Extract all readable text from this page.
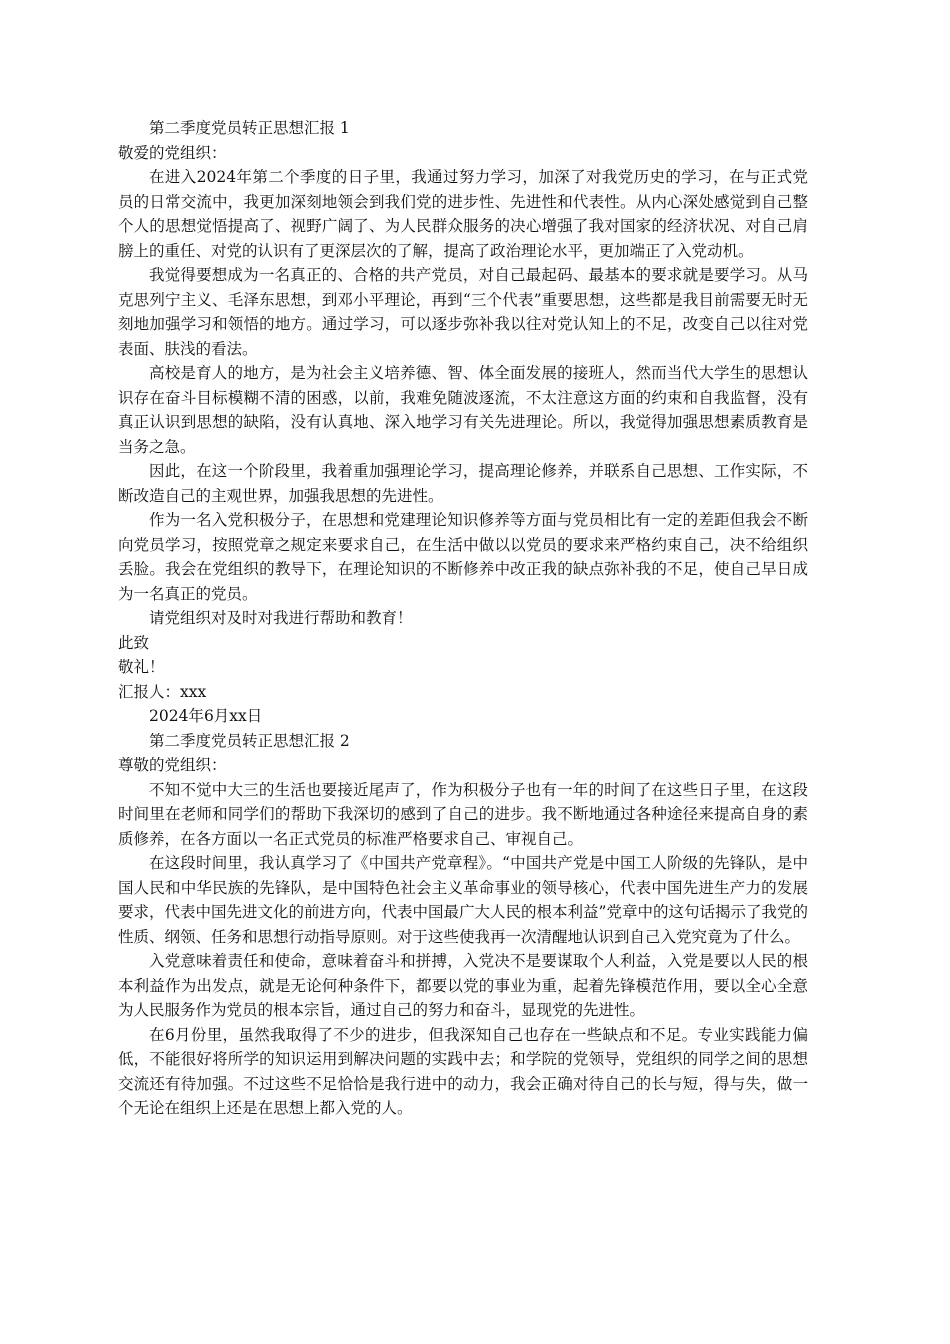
第二季度党员转正思想汇报 1

敬爱的党组织：

在进入2024年第二个季度的日子里，我通过努力学习，加深了对我党历史的学习，在与正式党员的日常交流中，我更加深刻地领会到我们党的进步性、先进性和代表性。从内心深处感觉到自己整个人的思想觉悟提高了、视野广阔了、为人民群众服务的决心增强了我对国家的经济状况、对自己肩膀上的重任、对党的认识有了更深层次的了解，提高了政治理论水平，更加端正了入党动机。

我觉得要想成为一名真正的、合格的共产党员，对自己最起码、最基本的要求就是要学习。从马克思列宁主义、毛泽东思想，到邓小平理论，再到“三个代表”重要思想，这些都是我目前需要无时无刻地加强学习和领悟的地方。通过学习，可以逐步弥补我以往对党认知上的不足，改变自己以往对党表面、肤浅的看法。

高校是育人的地方，是为社会主义培养德、智、体全面发展的接班人，然而当代大学生的思想认识存在奋斗目标模糊不清的困惑，以前，我难免随波逐流，不太注意这方面的约束和自我监督，没有真正认识到思想的缺陷，没有认真地、深入地学习有关先进理论。所以，我觉得加强思想素质教育是当务之急。

因此，在这一个阶段里，我着重加强理论学习，提高理论修养，并联系自己思想、工作实际，不断改造自己的主观世界，加强我思想的先进性。

作为一名入党积极分子，在思想和党建理论知识修养等方面与党员相比有一定的差距但我会不断向党员学习，按照党章之规定来要求自己，在生活中做以以党员的要求来严格约束自己，决不给组织丢脸。我会在党组织的教导下，在理论知识的不断修养中改正我的缺点弥补我的不足，使自己早日成为一名真正的党员。

请党组织对及时对我进行帮助和教育！

此致

敬礼！

汇报人：xxx

2024年6月xx日

第二季度党员转正思想汇报 2

尊敬的党组织：

不知不觉中大三的生活也要接近尾声了，作为积极分子也有一年的时间了在这些日子里，在这段时间里在老师和同学们的帮助下我深切的感到了自己的进步。我不断地通过各种途径来提高自身的素质修养，在各方面以一名正式党员的标准严格要求自己、审视自己。

在这段时间里，我认真学习了《中国共产党章程》。“中国共产党是中国工人阶级的先锋队，是中国人民和中华民族的先锋队，是中国特色社会主义革命事业的领导核心，代表中国先进生产力的发展要求，代表中国先进文化的前进方向，代表中国最广大人民的根本利益”党章中的这句话揭示了我党的性质、纲领、任务和思想行动指导原则。对于这些使我再一次清醒地认识到自己入党究竟为了什么。

入党意味着责任和使命，意味着奋斗和拼搏，入党决不是要谋取个人利益，入党是要以人民的根本利益作为出发点，就是无论何种条件下，都要以党的事业为重，起着先锋模范作用，要以全心全意为人民服务作为党员的根本宗旨，通过自己的努力和奋斗，显现党的先进性。

在6月份里，虽然我取得了不少的进步，但我深知自己也存在一些缺点和不足。专业实践能力偏低，不能很好将所学的知识运用到解决问题的实践中去；和学院的党领导，党组织的同学之间的思想交流还有待加强。不过这些不足恰恰是我行进中的动力，我会正确对待自己的长与短，得与失，做一个无论在组织上还是在思想上都入党的人。
